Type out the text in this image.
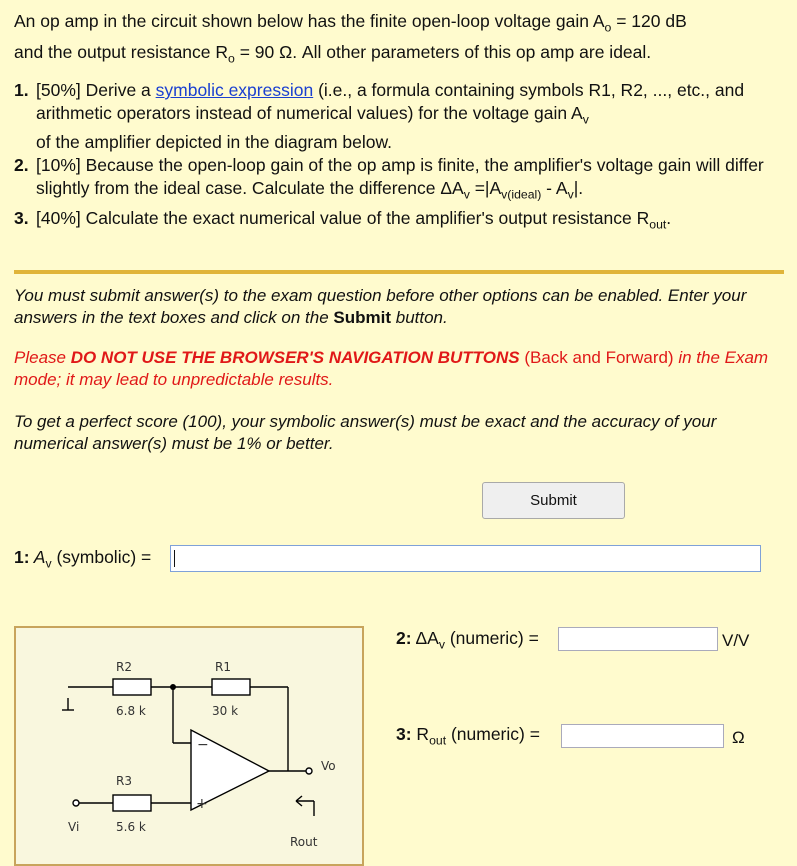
An op amp in the circuit shown below has the finite open-loop voltage gain $A_o = 120$ dB
and the output resistance $R_o = 90$ Ω. All other parameters of this op amp are ideal.
1. [50%] Derive a symbolic expression (i.e., a formula containing symbols R1, R2, ..., etc., and arithmetic operators instead of numerical values) for the voltage gain $A_v$
of the amplifier depicted in the diagram below.
2. [10%] Because the open-loop gain of the op amp is finite, the amplifier's voltage gain will differ slightly from the ideal case. Calculate the difference $\Delta A_v =|A_{v(ideal)} - A_v|$.
3. [40%] Calculate the exact numerical value of the amplifier's output resistance $R_{out}$.
You must submit answer(s) to the exam question before other options can be enabled. Enter your answers in the text boxes and click on the Submit button.
Please DO NOT USE THE BROWSER'S NAVIGATION BUTTONS (Back and Forward) in the Exam mode; it may lead to unpredictable results.
To get a perfect score (100), your symbolic answer(s) must be exact and the accuracy of your numerical answer(s) must be 1% or better.
Submit
1: $A_v$ (symbolic) =
R2
6.8 k
R1
30 k
R3
5.6 k
Vi
Vo
Rout
−
+
2: $\Delta A_v$ (numeric) =	V/V
3: $R_{out}$ (numeric) =	Ω
